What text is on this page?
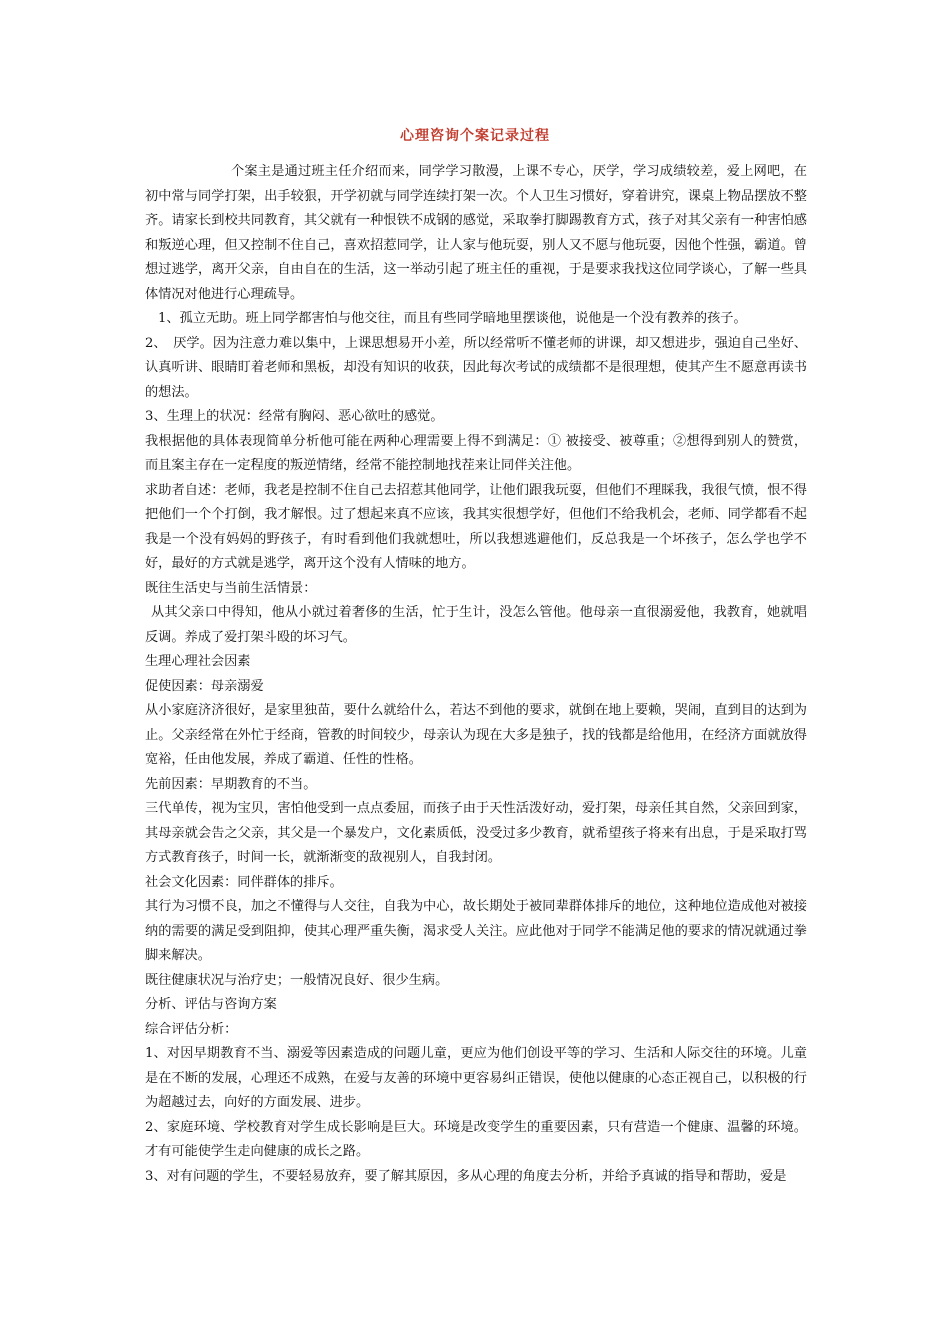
心理咨询个案记录过程

个案主是通过班主任介绍而来，同学学习散漫，上课不专心，厌学，学习成绩较差，爱上网吧，在初中常与同学打架，出手较狠，开学初就与同学连续打架一次。个人卫生习惯好，穿着讲究，课桌上物品摆放不整齐。请家长到校共同教育，其父就有一种恨铁不成钢的感觉，采取拳打脚踢教育方式，孩子对其父亲有一种害怕感和叛逆心理，但又控制不住自己，喜欢招惹同学，让人家与他玩耍，别人又不愿与他玩耍，因他个性强，霸道。曾想过逃学，离开父亲，自由自在的生活，这一举动引起了班主任的重视，于是要求我找这位同学谈心，了解一些具体情况对他进行心理疏导。

1、孤立无助。班上同学都害怕与他交往，而且有些同学暗地里摆谈他，说他是一个没有教养的孩子。

2、　厌学。因为注意力难以集中，上课思想易开小差，所以经常听不懂老师的讲课，却又想进步，强迫自己坐好、认真听讲、眼睛盯着老师和黑板，却没有知识的收获，因此每次考试的成绩都不是很理想，使其产生不愿意再读书的想法。

3、生理上的状况：经常有胸闷、恶心欲吐的感觉。

我根据他的具体表现简单分析他可能在两种心理需要上得不到满足：① 被接受、被尊重；②想得到别人的赞赏，而且案主存在一定程度的叛逆情绪，经常不能控制地找茬来让同伴关注他。

求助者自述：老师，我老是控制不住自己去招惹其他同学，让他们跟我玩耍，但他们不理睬我，我很气愤，恨不得把他们一个个打倒，我才解恨。过了想起来真不应该，我其实很想学好，但他们不给我机会，老师、同学都看不起我是一个没有妈妈的野孩子，有时看到他们我就想吐，所以我想逃避他们，反总我是一个坏孩子，怎么学也学不好，最好的方式就是逃学，离开这个没有人情味的地方。

既往生活史与当前生活情景：

从其父亲口中得知，他从小就过着奢侈的生活，忙于生计，没怎么管他。他母亲一直很溺爱他，我教育，她就唱反调。养成了爱打架斗殴的坏习气。

生理心理社会因素

促使因素：母亲溺爱

从小家庭济济很好，是家里独苗，要什么就给什么，若达不到他的要求，就倒在地上要赖，哭闹，直到目的达到为止。父亲经常在外忙于经商，管教的时间较少，母亲认为现在大多是独子，找的钱都是给他用，在经济方面就放得宽裕，任由他发展，养成了霸道、任性的性格。

先前因素：早期教育的不当。

三代单传，视为宝贝，害怕他受到一点点委屈，而孩子由于天性活泼好动，爱打架，母亲任其自然，父亲回到家，其母亲就会告之父亲，其父是一个暴发户，文化素质低，没受过多少教育，就希望孩子将来有出息，于是采取打骂方式教育孩子，时间一长，就渐渐变的敌视别人，自我封闭。

社会文化因素：同伴群体的排斥。

其行为习惯不良，加之不懂得与人交往，自我为中心，故长期处于被同辈群体排斥的地位，这种地位造成他对被接纳的需要的满足受到阻抑，使其心理严重失衡，渴求受人关注。应此他对于同学不能满足他的要求的情况就通过拳脚来解决。

既往健康状况与治疗史；一般情况良好、很少生病。

分析、评估与咨询方案

综合评估分析：

1、对因早期教育不当、溺爱等因素造成的问题儿童，更应为他们创设平等的学习、生活和人际交往的环境。儿童是在不断的发展，心理还不成熟，在爱与友善的环境中更容易纠正错误，使他以健康的心态正视自己，以积极的行为超越过去，向好的方面发展、进步。

2、家庭环境、学校教育对学生成长影响是巨大。环境是改变学生的重要因素，只有营造一个健康、温馨的环境。才有可能使学生走向健康的成长之路。

3、对有问题的学生，不要轻易放弃，要了解其原因，多从心理的角度去分析，并给予真诚的指导和帮助，爱是
